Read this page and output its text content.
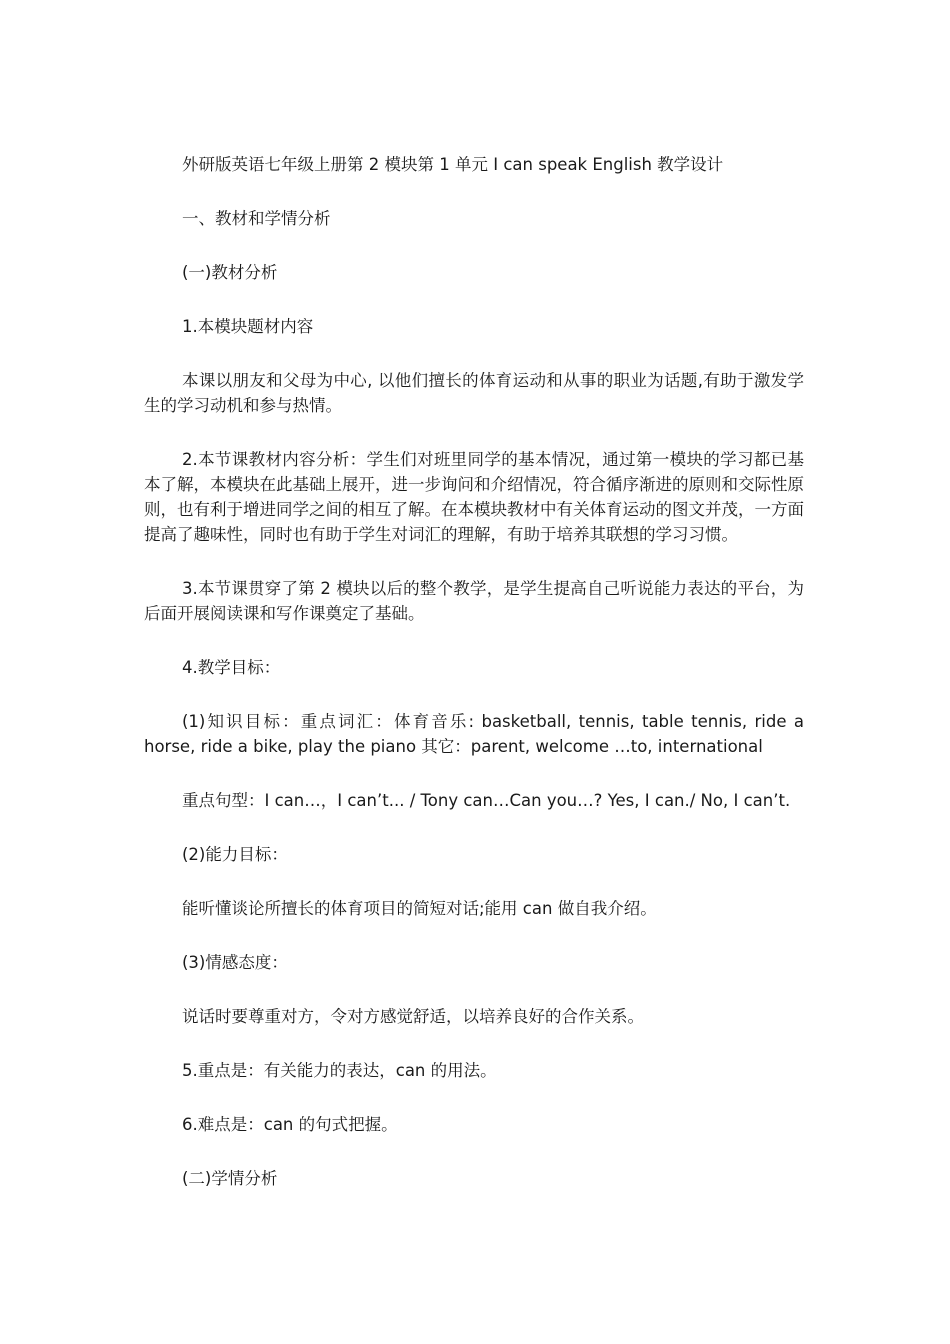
外研版英语七年级上册第 2 模块第 1 单元 I can speak English 教学设计

一、教材和学情分析

(一)教材分析

1.本模块题材内容

本课以朋友和父母为中心, 以他们擅长的体育运动和从事的职业为话题,有助于激发学生的学习动机和参与热情。

2.本节课教材内容分析：学生们对班里同学的基本情况，通过第一模块的学习都已基本了解，本模块在此基础上展开，进一步询问和介绍情况，符合循序渐进的原则和交际性原则，也有利于增进同学之间的相互了解。在本模块教材中有关体育运动的图文并茂，一方面提高了趣味性，同时也有助于学生对词汇的理解，有助于培养其联想的学习习惯。

3.本节课贯穿了第 2 模块以后的整个教学，是学生提高自己听说能力表达的平台，为后面开展阅读课和写作课奠定了基础。

4.教学目标：

(1)知识目标：重点词汇：体育音乐: basketball, tennis, table tennis, ride a horse, ride a bike, play the piano 其它：parent, welcome …to, international

重点句型：I can…，I can’t... / Tony can…Can you…? Yes, I can./ No, I can’t.

(2)能力目标：

能听懂谈论所擅长的体育项目的简短对话;能用 can 做自我介绍。

(3)情感态度：

说话时要尊重对方，令对方感觉舒适，以培养良好的合作关系。

5.重点是：有关能力的表达，can 的用法。

6.难点是：can 的句式把握。

(二)学情分析
